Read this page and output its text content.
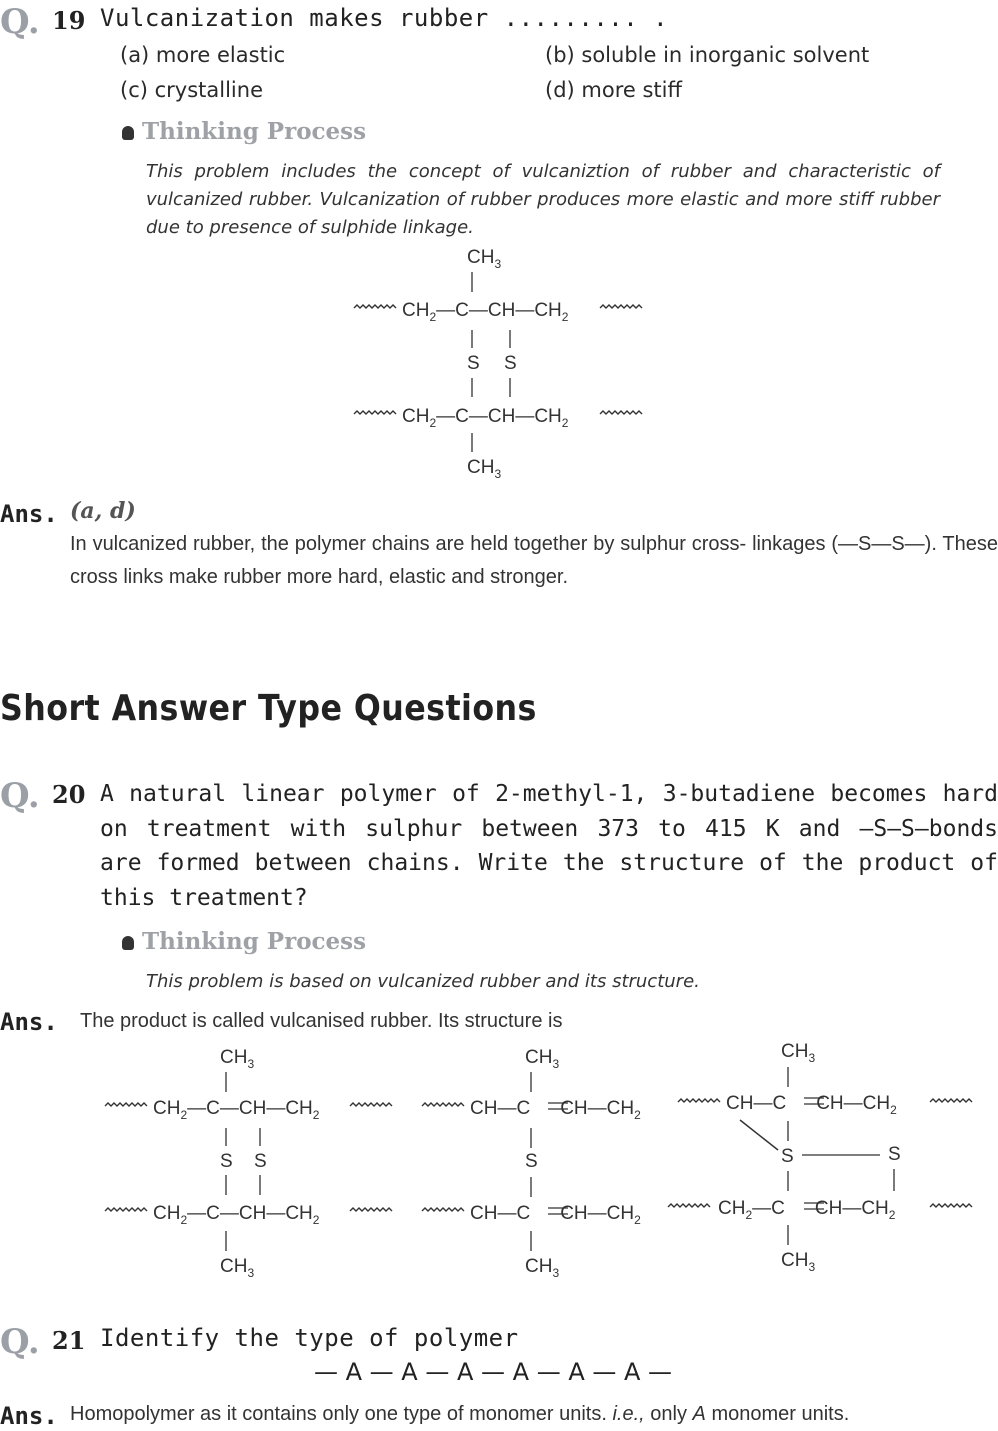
Q. 19 Vulcanization makes rubber ......... .
(a) more elastic	(b) soluble in inorganic solvent
(c) crystalline	(d) more stiff
Thinking Process
This problem includes the concept of vulcaniztion of rubber and characteristic of vulcanized rubber. Vulcanization of rubber produces more elastic and more stiff rubber due to presence of sulphide linkage.
$CH_3$
$CH_2—C—CH—CH_2$
S S
$CH_2—C—CH—CH_2$
$CH_3$
Ans. (a, d)
In vulcanized rubber, the polymer chains are held together by sulphur cross- linkages (—S—S—). These cross links make rubber more hard, elastic and stronger.
Short Answer Type Questions
Q. 20 A natural linear polymer of 2-methyl-1, 3-butadiene becomes hard on treatment with sulphur between 373 to 415 K and —S—S—bonds are formed between chains. Write the structure of the product of this treatment?
Thinking Process
This problem is based on vulcanized rubber and its structure.
Ans. The product is called vulcanised rubber. Its structure is
$CH_3$
$CH_2—C—CH—CH_2$
S S
$CH_2—C—CH—CH_2$
$CH_3$
$CH_3$
CH—C $CH—CH_2$
S
CH—C $CH—CH_2$
$CH_3$
$CH_3$
CH—C $CH—CH_2$
S	S
$CH_2—C$ $CH—CH_2$
$CH_3$
Q. 21 Identify the type of polymer
— A — A — A — A — A — A —
Ans. Homopolymer as it contains only one type of monomer units. i.e., only A monomer units.
